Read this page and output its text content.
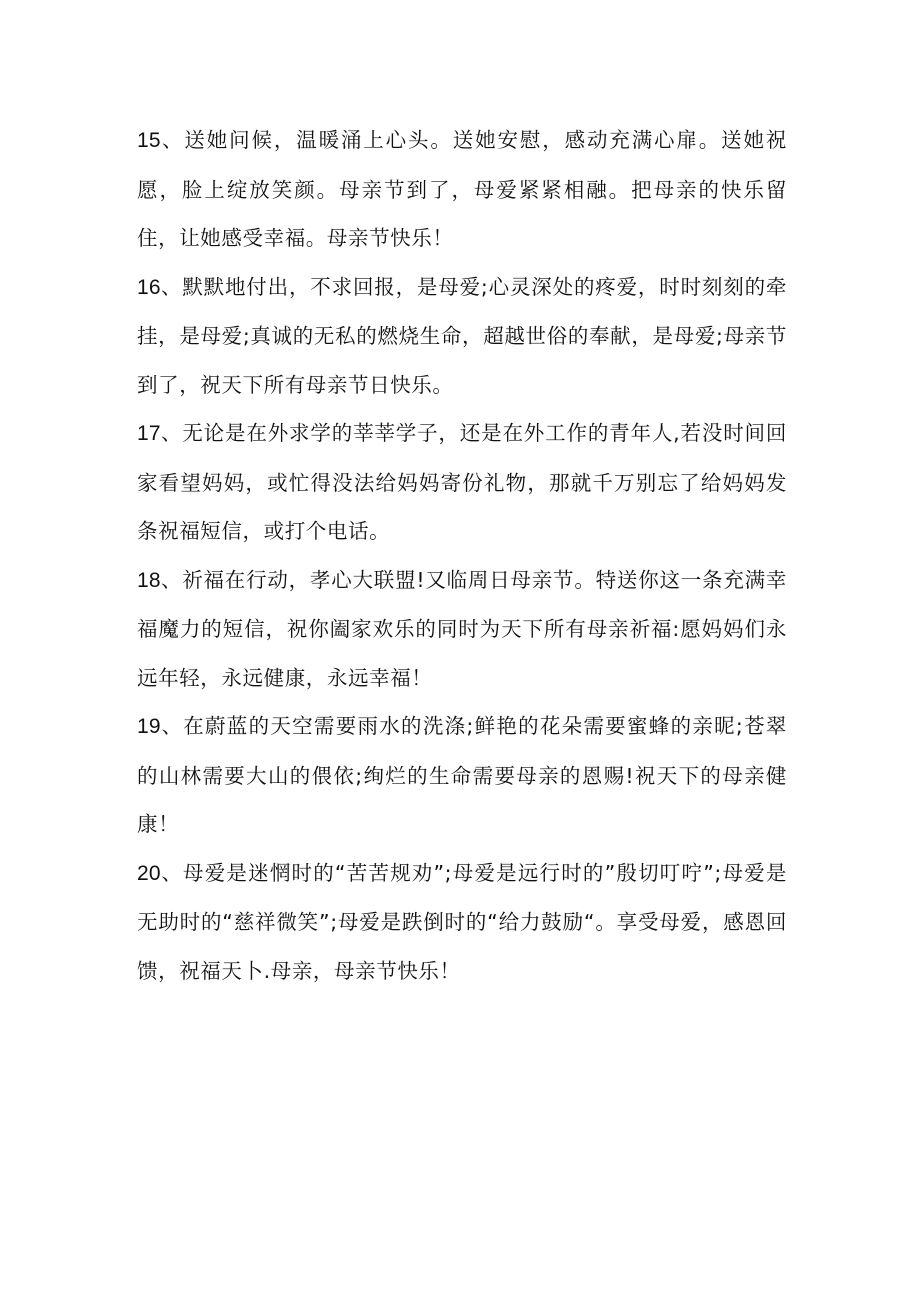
15、送她问候，温暖涌上心头。送她安慰，感动充满心扉。送她祝愿，脸上绽放笑颜。母亲节到了，母爱紧紧相融。把母亲的快乐留住，让她感受幸福。母亲节快乐！

16、默默地付出，不求回报，是母爱;心灵深处的疼爱，时时刻刻的牵挂，是母爱;真诚的无私的燃烧生命，超越世俗的奉献，是母爱;母亲节到了，祝天下所有母亲节日快乐。

17、无论是在外求学的莘莘学子，还是在外工作的青年人,若没时间回家看望妈妈，或忙得没法给妈妈寄份礼物，那就千万别忘了给妈妈发条祝福短信，或打个电话。

18、祈福在行动，孝心大联盟!又临周日母亲节。特送你这一条充满幸福魔力的短信，祝你阖家欢乐的同时为天下所有母亲祈福:愿妈妈们永远年轻，永远健康，永远幸福！

19、在蔚蓝的天空需要雨水的洗涤;鲜艳的花朵需要蜜蜂的亲昵;苍翠的山林需要大山的偎依;绚烂的生命需要母亲的恩赐!祝天下的母亲健康！

20、母爱是迷惘时的“苦苦规劝”;母爱是远行时的”殷切叮咛”;母爱是无助时的“慈祥微笑”;母爱是跌倒时的“给力鼓励“。享受母爱，感恩回馈，祝福天卜.母亲，母亲节快乐！
